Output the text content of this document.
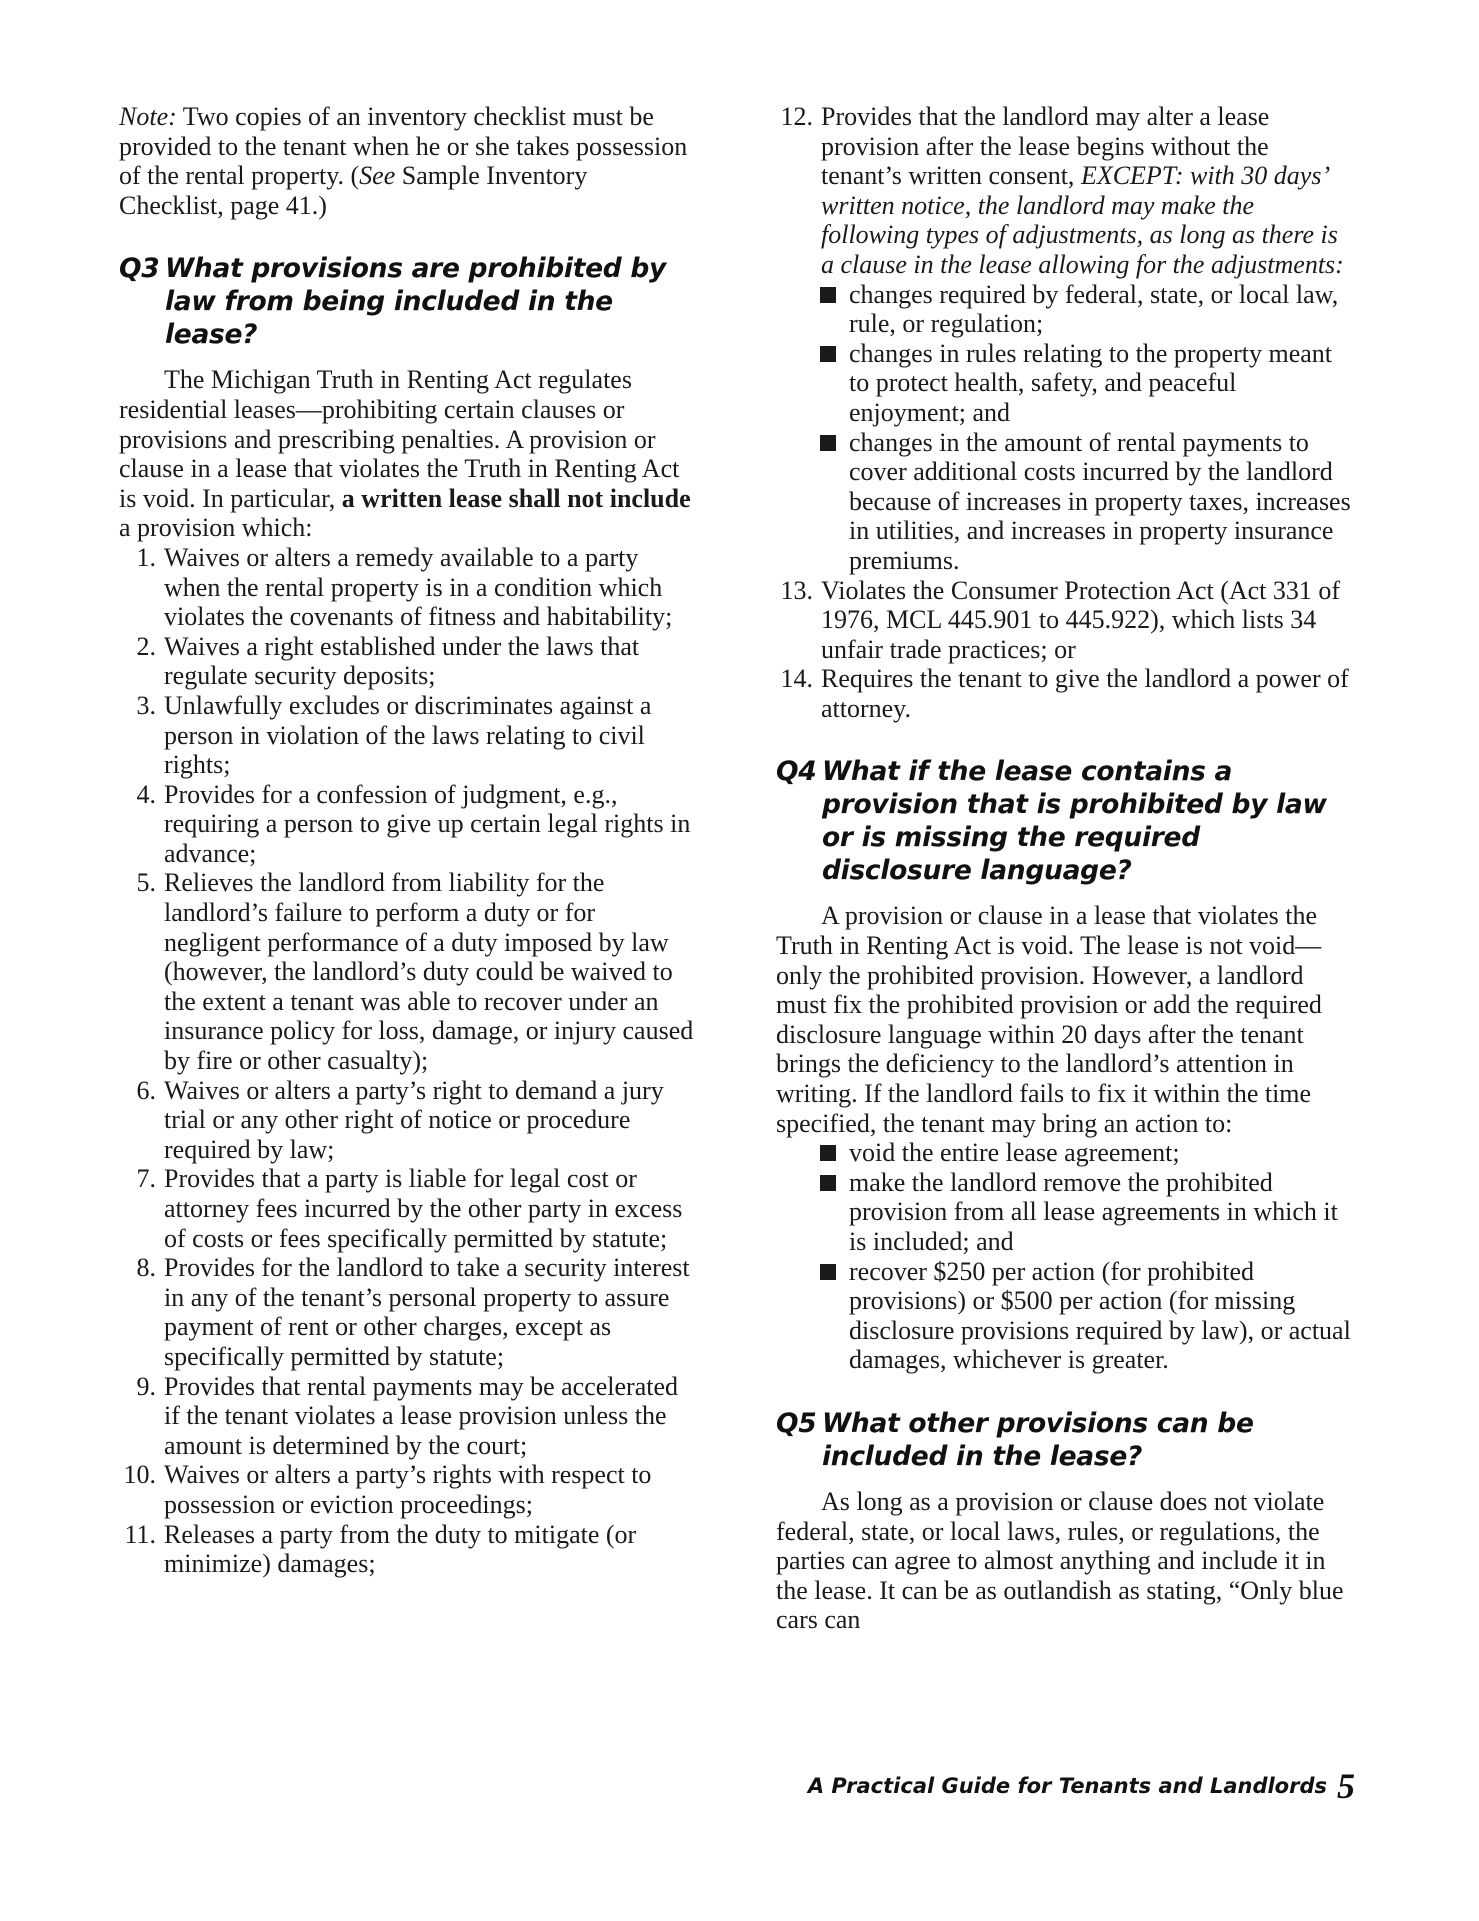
Note: Two copies of an inventory checklist must be provided to the tenant when he or she takes possession of the rental property. (See Sample Inventory Checklist, page 41.)

Q3 What provisions are prohibited by law from being included in the lease?

The Michigan Truth in Renting Act regulates residential leases—prohibiting certain clauses or provisions and prescribing penalties. A provision or clause in a lease that violates the Truth in Renting Act is void. In particular, a written lease shall not include a provision which:

1. Waives or alters a remedy available to a party when the rental property is in a condition which violates the covenants of fitness and habitability;
2. Waives a right established under the laws that regulate security deposits;
3. Unlawfully excludes or discriminates against a person in violation of the laws relating to civil rights;
4. Provides for a confession of judgment, e.g., requiring a person to give up certain legal rights in advance;
5. Relieves the landlord from liability for the landlord’s failure to perform a duty or for negligent performance of a duty imposed by law (however, the landlord’s duty could be waived to the extent a tenant was able to recover under an insurance policy for loss, damage, or injury caused by fire or other casualty);
6. Waives or alters a party’s right to demand a jury trial or any other right of notice or procedure required by law;
7. Provides that a party is liable for legal cost or attorney fees incurred by the other party in excess of costs or fees specifically permitted by statute;
8. Provides for the landlord to take a security interest in any of the tenant’s personal property to assure payment of rent or other charges, except as specifically permitted by statute;
9. Provides that rental payments may be accelerated if the tenant violates a lease provision unless the amount is determined by the court;
10. Waives or alters a party’s rights with respect to possession or eviction proceedings;
11. Releases a party from the duty to mitigate (or minimize) damages;
12. Provides that the landlord may alter a lease provision after the lease begins without the tenant’s written consent, EXCEPT: with 30 days’ written notice, the landlord may make the following types of adjustments, as long as there is a clause in the lease allowing for the adjustments:
changes required by federal, state, or local law, rule, or regulation;
changes in rules relating to the property meant to protect health, safety, and peaceful enjoyment; and
changes in the amount of rental payments to cover additional costs incurred by the landlord because of increases in property taxes, increases in utilities, and increases in property insurance premiums.
13. Violates the Consumer Protection Act (Act 331 of 1976, MCL 445.901 to 445.922), which lists 34 unfair trade practices; or
14. Requires the tenant to give the landlord a power of attorney.
Q4 What if the lease contains a provision that is prohibited by law or is missing the required disclosure language?

A provision or clause in a lease that violates the Truth in Renting Act is void. The lease is not void—only the prohibited provision. However, a landlord must fix the prohibited provision or add the required disclosure language within 20 days after the tenant brings the deficiency to the landlord’s attention in writing. If the landlord fails to fix it within the time specified, the tenant may bring an action to:

void the entire lease agreement;
make the landlord remove the prohibited provision from all lease agreements in which it is included; and
recover $250 per action (for prohibited provisions) or $500 per action (for missing disclosure provisions required by law), or actual damages, whichever is greater.
Q5 What other provisions can be included in the lease?

As long as a provision or clause does not violate federal, state, or local laws, rules, or regulations, the parties can agree to almost anything and include it in the lease. It can be as outlandish as stating, “Only blue cars can

A Practical Guide for Tenants and Landlords 5
